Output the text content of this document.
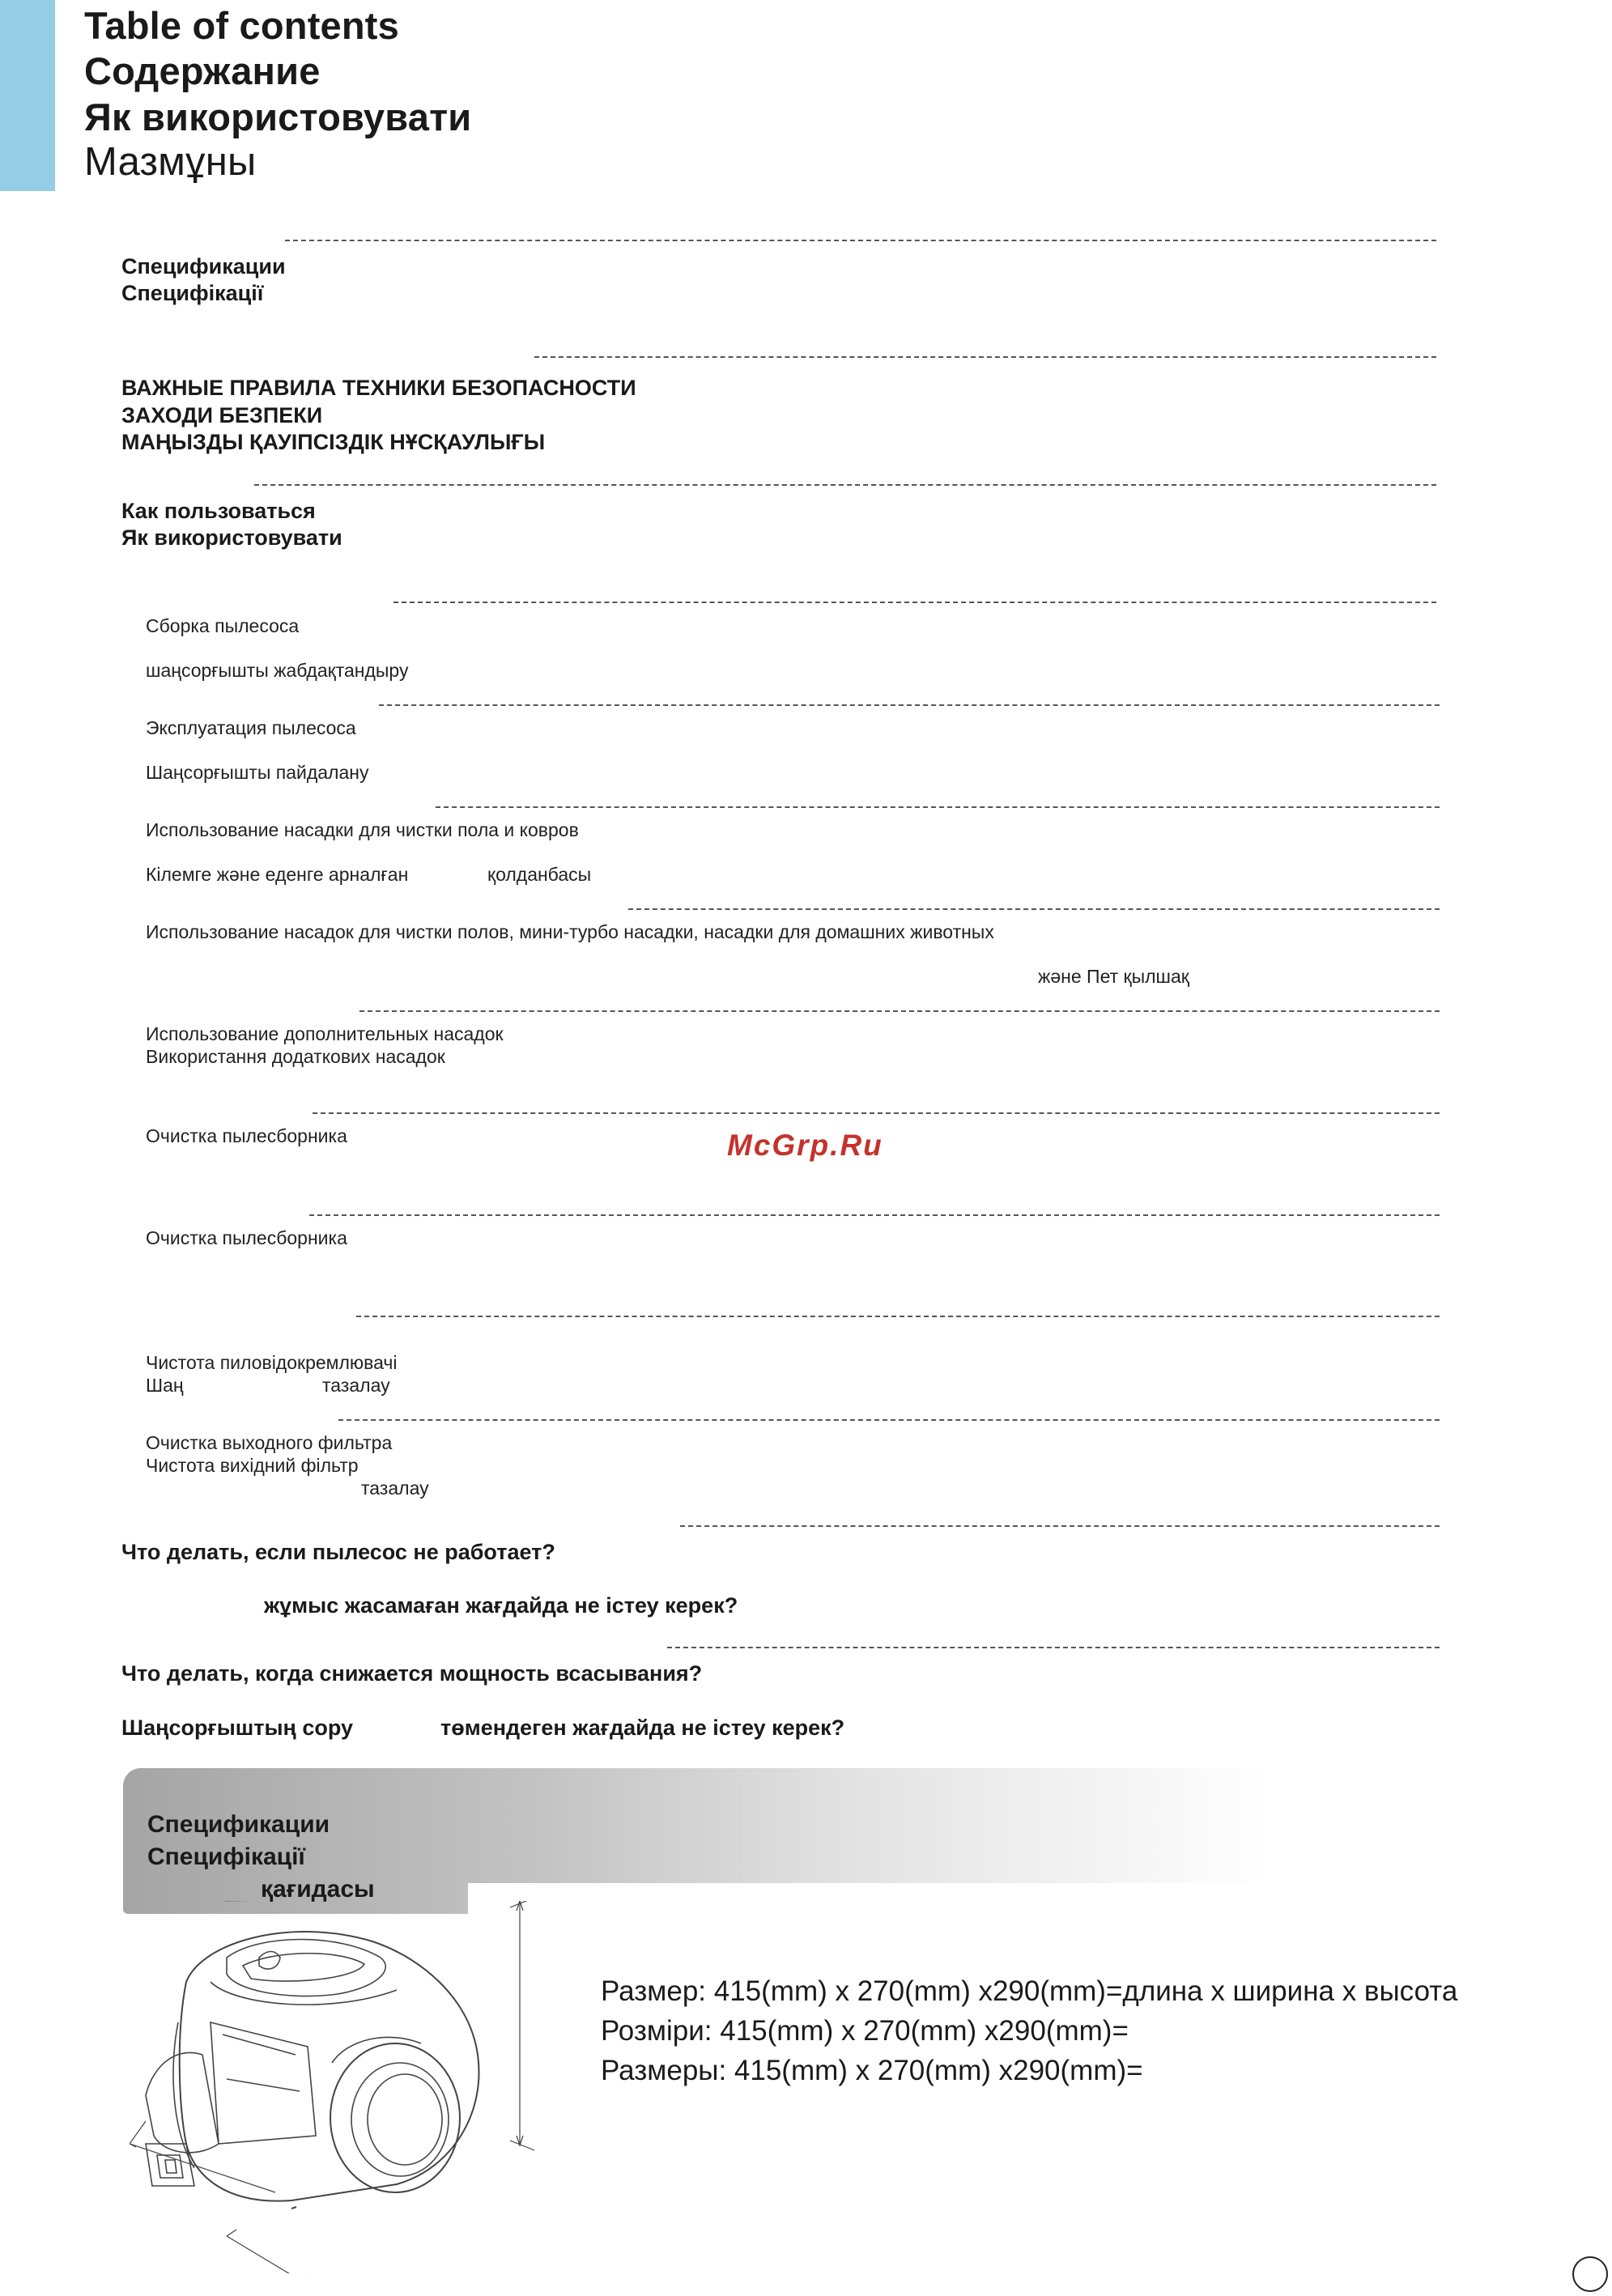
Table of contents
Содержание
Як використовувати
Мазмұны
Спецификации
Специфікації
ВАЖНЫЕ ПРАВИЛА ТЕХНИКИ БЕЗОПАСНОСТИ
ЗАХОДИ БЕЗПЕКИ
МАҢЫЗДЫ ҚАУІПСІЗДІК НҰСҚАУЛЫҒЫ
Как пользоваться
Як використовувати
Сборка пылесоса
шаңсорғышты жабдақтандыру
Эксплуатация пылесоса
Шаңсорғышты пайдалану
Использование насадки для чистки пола и ковров
Кілемге және еденге арналған	қолданбасы
Использование насадок для чистки полов, мини-турбо насадки, насадки для домашних животных
және Пет қылшақ
Использование дополнительных насадок
Використання додаткових насадок
Очистка пылесборника	McGrp.Ru
Очистка пылесборника
Чистота пиловідокремлювачі
Шаң	тазалау
Очистка выходного фильтра
Чистота вихідний фільтр
тазалау
Что делать, если пылесос не работает?
жұмыс жасамаған жағдайда не істеу керек?
Что делать, когда снижается мощность всасывания?
Шаңсорғыштың сору	төмендеген жағдайда не істеу керек?
Спецификации
Специфікації
қағидасы
Размер: 415(mm) x 270(mm) x290(mm)=длина x ширина x высота
Розміри: 415(mm) x 270(mm) x290(mm)=
Размеры: 415(mm) x 270(mm) x290(mm)=
